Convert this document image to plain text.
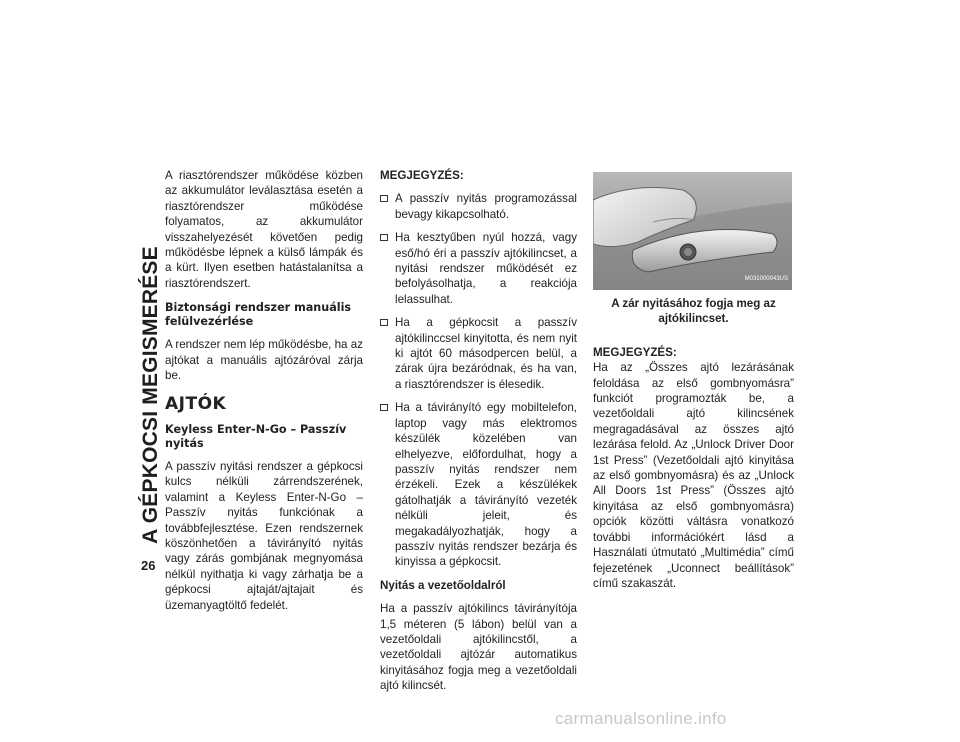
A GÉPKOCSI MEGISMERÉSE
26

A riasztórendszer működése közben az akkumulátor leválasztása esetén a riasztórendszer működése folyamatos, az akkumulátor visszahelyezését követően pedig működésbe lépnek a külső lámpák és a kürt. Ilyen esetben hatástalanítsa a riasztórendszert.

Biztonsági rendszer manuális felülvezérlése

A rendszer nem lép működésbe, ha az ajtókat a manuális ajtózáróval zárja be.

AJTÓK
Keyless Enter-N-Go – Passzív nyitás

A passzív nyitási rendszer a gépkocsi kulcs nélküli zárrendszerének, valamint a Keyless Enter-N-Go – Passzív nyitás funkciónak a továbbfejlesztése. Ezen rendszernek köszönhetően a távirányító nyitás vagy zárás gombjának megnyomása nélkül nyithatja ki vagy zárhatja be a gépkocsi ajtaját/ajtajait és üzemanyagtöltő fedelét.

MEGJEGYZÉS:
A passzív nyitás programozással bevagy kikapcsolható.
Ha kesztyűben nyúl hozzá, vagy eső/hó éri a passzív ajtókilincset, a nyitási rendszer működését ez befolyásolhatja, a reakciója lelassulhat.
Ha a gépkocsit a passzív ajtókilinccsel kinyitotta, és nem nyit ki ajtót 60 másodpercen belül, a zárak újra bezáródnak, és ha van, a riasztórendszer is élesedik.
Ha a távirányító egy mobiltelefon, laptop vagy más elektromos készülék közelében van elhelyezve, előfordulhat, hogy a passzív nyitás rendszer nem érzékeli. Ezek a készülékek gátolhatják a távirányító vezeték nélküli jeleit, és megakadályozhatják, hogy a passzív nyitás rendszer bezárja és kinyissa a gépkocsit.
Nyitás a vezetőoldalról

Ha a passzív ajtókilincs távirányítója 1,5 méteren (5 lábon) belül van a vezetőoldali ajtókilincstől, a vezetőoldali ajtózár automatikus kinyitásához fogja meg a vezetőoldali ajtó kilincsét.

M031000043US
A zár nyitásához fogja meg az ajtókilincset.
MEGJEGYZÉS:

Ha az „Összes ajtó lezárásának feloldása az első gombnyomásra” funkciót programozták be, a vezetőoldali ajtó kilincsének megragadásával az összes ajtó lezárása felold. Az „Unlock Driver Door 1st Press” (Vezetőoldali ajtó kinyitása az első gombnyomásra) és az „Unlock All Doors 1st Press” (Összes ajtó kinyitása az első gombnyomásra) opciók közötti váltásra vonatkozó további információkért lásd a Használati útmutató „Multimédia” című fejezetének „Uconnect beállítások” című szakaszát.

carmanualsonline.info
